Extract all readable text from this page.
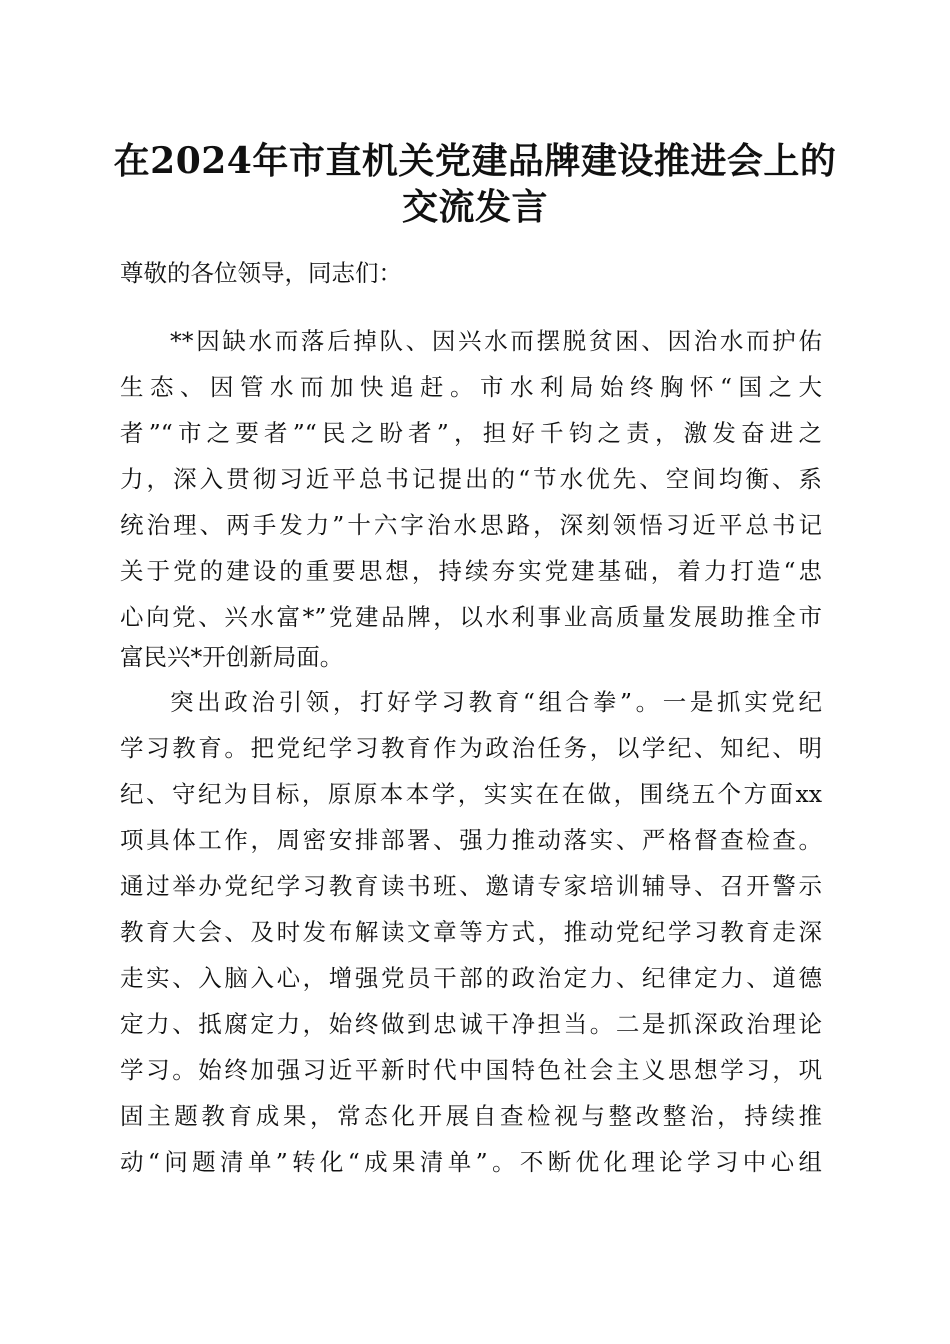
在2024年市直机关党建品牌建设推进会上的
交流发言
尊敬的各位领导，同志们：
**因缺水而落后掉队、因兴水而摆脱贫困、因治水而护佑
生态、因管水而加快追赶。市水利局始终胸怀“国之大
者”“市之要者”“民之盼者”，担好千钧之责，激发奋进之
力，深入贯彻习近平总书记提出的“节水优先、空间均衡、系
统治理、两手发力”十六字治水思路，深刻领悟习近平总书记
关于党的建设的重要思想，持续夯实党建基础，着力打造“忠
心向党、兴水富*”党建品牌，以水利事业高质量发展助推全市
富民兴*开创新局面。
突出政治引领，打好学习教育“组合拳”。一是抓实党纪
学习教育。把党纪学习教育作为政治任务，以学纪、知纪、明
纪、守纪为目标，原原本本学，实实在在做，围绕五个方面xx
项具体工作，周密安排部署、强力推动落实、严格督查检查。
通过举办党纪学习教育读书班、邀请专家培训辅导、召开警示
教育大会、及时发布解读文章等方式，推动党纪学习教育走深
走实、入脑入心，增强党员干部的政治定力、纪律定力、道德
定力、抵腐定力，始终做到忠诚干净担当。二是抓深政治理论
学习。始终加强习近平新时代中国特色社会主义思想学习，巩
固主题教育成果，常态化开展自查检视与整改整治，持续推
动“问题清单”转化“成果清单”。不断优化理论学习中心组
